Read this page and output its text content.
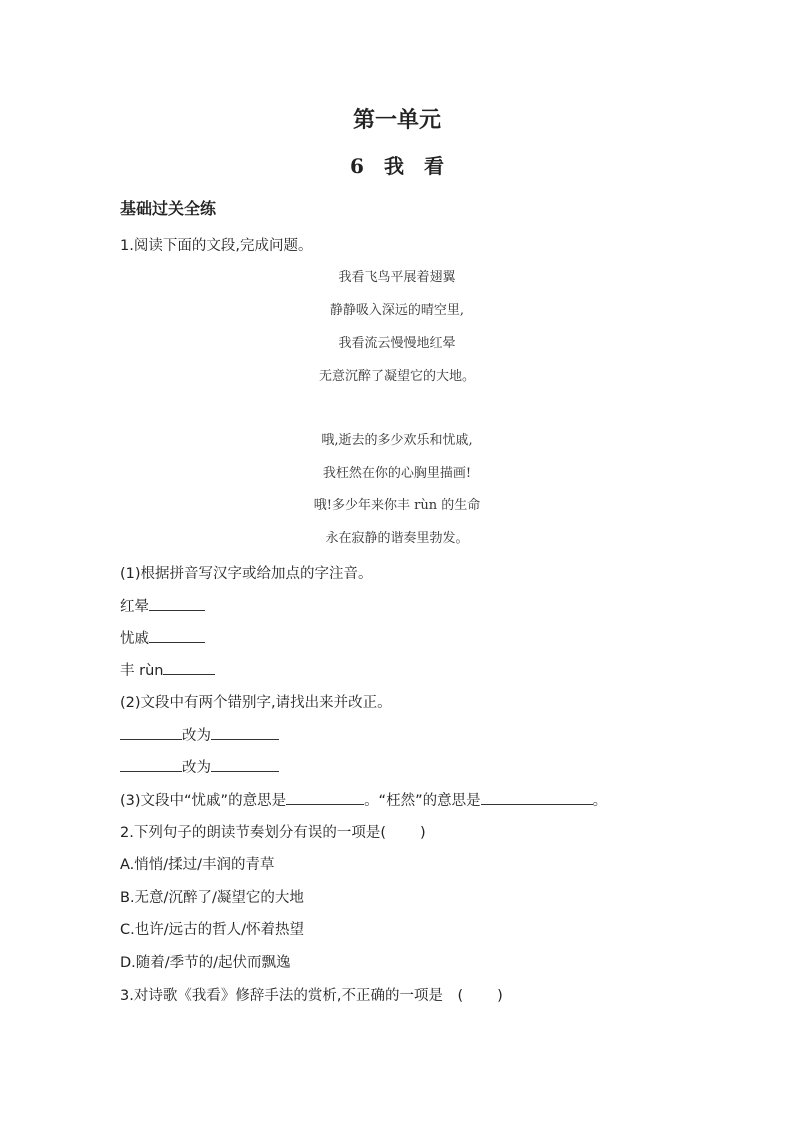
第一单元
6　我　看
基础过关全练
1.阅读下面的文段,完成问题。
我看飞鸟平展着翅翼
静静吸入深远的晴空里,
我看流云慢慢地红晕
无意沉醉了凝望它的大地。
哦,逝去的多少欢乐和忧戚,
我枉然在你的心胸里描画!
哦!多少年来你丰 rùn 的生命
永在寂静的谐奏里勃发。
(1)根据拼音写汉字或给加点的字注音。
红晕
忧戚
丰 rùn
(2)文段中有两个错别字,请找出来并改正。
改为
改为
(3)文段中“忧戚”的意思是	。“枉然”的意思是	。
2.下列句子的朗读节奏划分有误的一项是( )
A.悄悄/揉过/丰润的青草
B.无意/沉醉了/凝望它的大地
C.也许/远古的哲人/怀着热望
D.随着/季节的/起伏而飘逸
3.对诗歌《我看》修辞手法的赏析,不正确的一项是　( )
